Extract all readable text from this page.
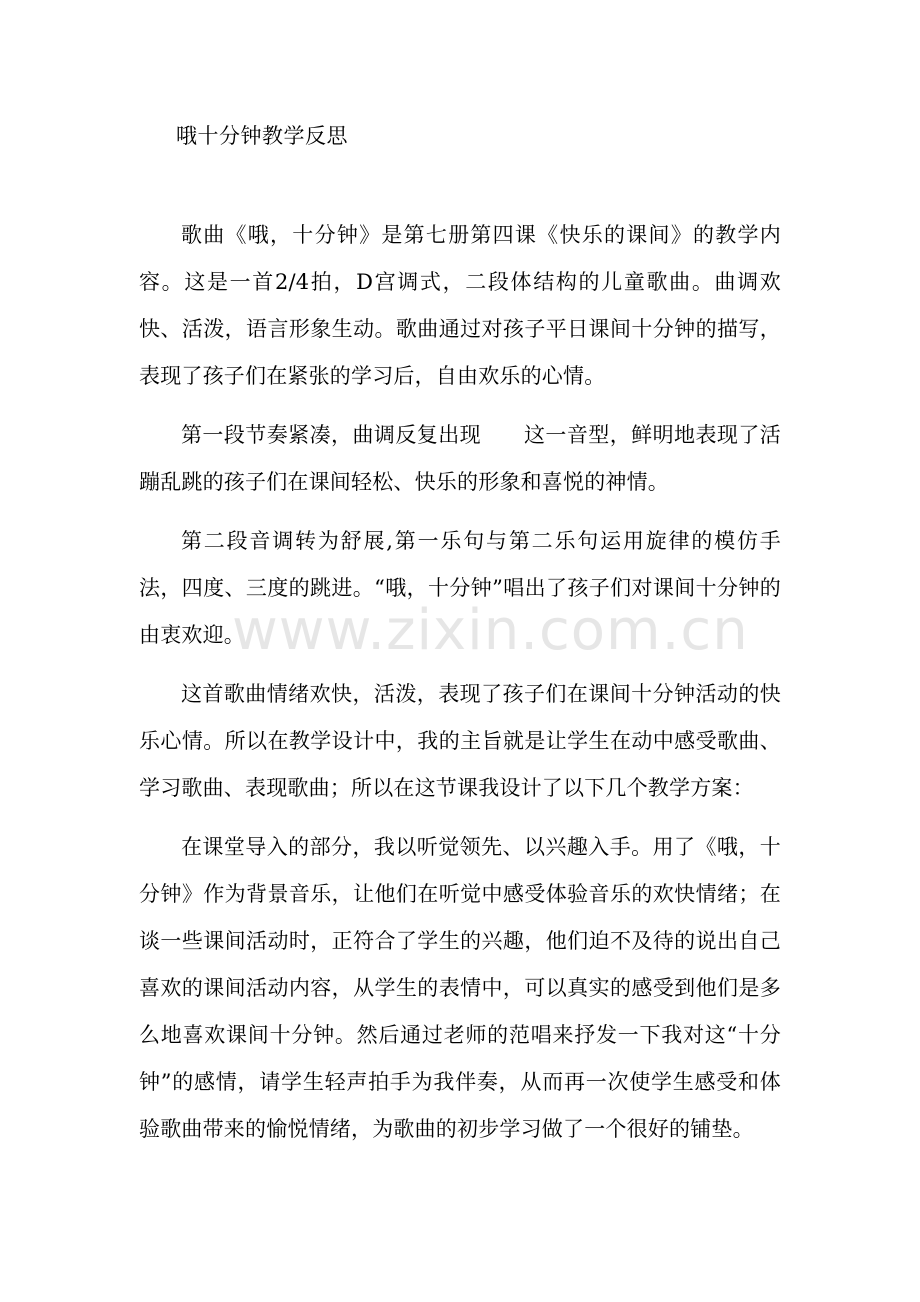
www.zixin.com.cn
哦十分钟教学反思

歌曲《哦，十分钟》是第七册第四课《快乐的课间》的教学内容。这是一首2/4拍，D宫调式，二段体结构的儿童歌曲。曲调欢快、活泼，语言形象生动。歌曲通过对孩子平日课间十分钟的描写，表现了孩子们在紧张的学习后，自由欢乐的心情。

第一段节奏紧凑，曲调反复出现　　这一音型，鲜明地表现了活蹦乱跳的孩子们在课间轻松、快乐的形象和喜悦的神情。

第二段音调转为舒展,第一乐句与第二乐句运用旋律的模仿手法，四度、三度的跳进。“哦，十分钟”唱出了孩子们对课间十分钟的由衷欢迎。

这首歌曲情绪欢快，活泼，表现了孩子们在课间十分钟活动的快乐心情。所以在教学设计中，我的主旨就是让学生在动中感受歌曲、学习歌曲、表现歌曲；所以在这节课我设计了以下几个教学方案：

在课堂导入的部分，我以听觉领先、以兴趣入手。用了《哦，十分钟》作为背景音乐，让他们在听觉中感受体验音乐的欢快情绪；在谈一些课间活动时，正符合了学生的兴趣，他们迫不及待的说出自己喜欢的课间活动内容，从学生的表情中，可以真实的感受到他们是多么地喜欢课间十分钟。然后通过老师的范唱来抒发一下我对这“十分钟”的感情，请学生轻声拍手为我伴奏，从而再一次使学生感受和体验歌曲带来的愉悦情绪，为歌曲的初步学习做了一个很好的铺垫。
